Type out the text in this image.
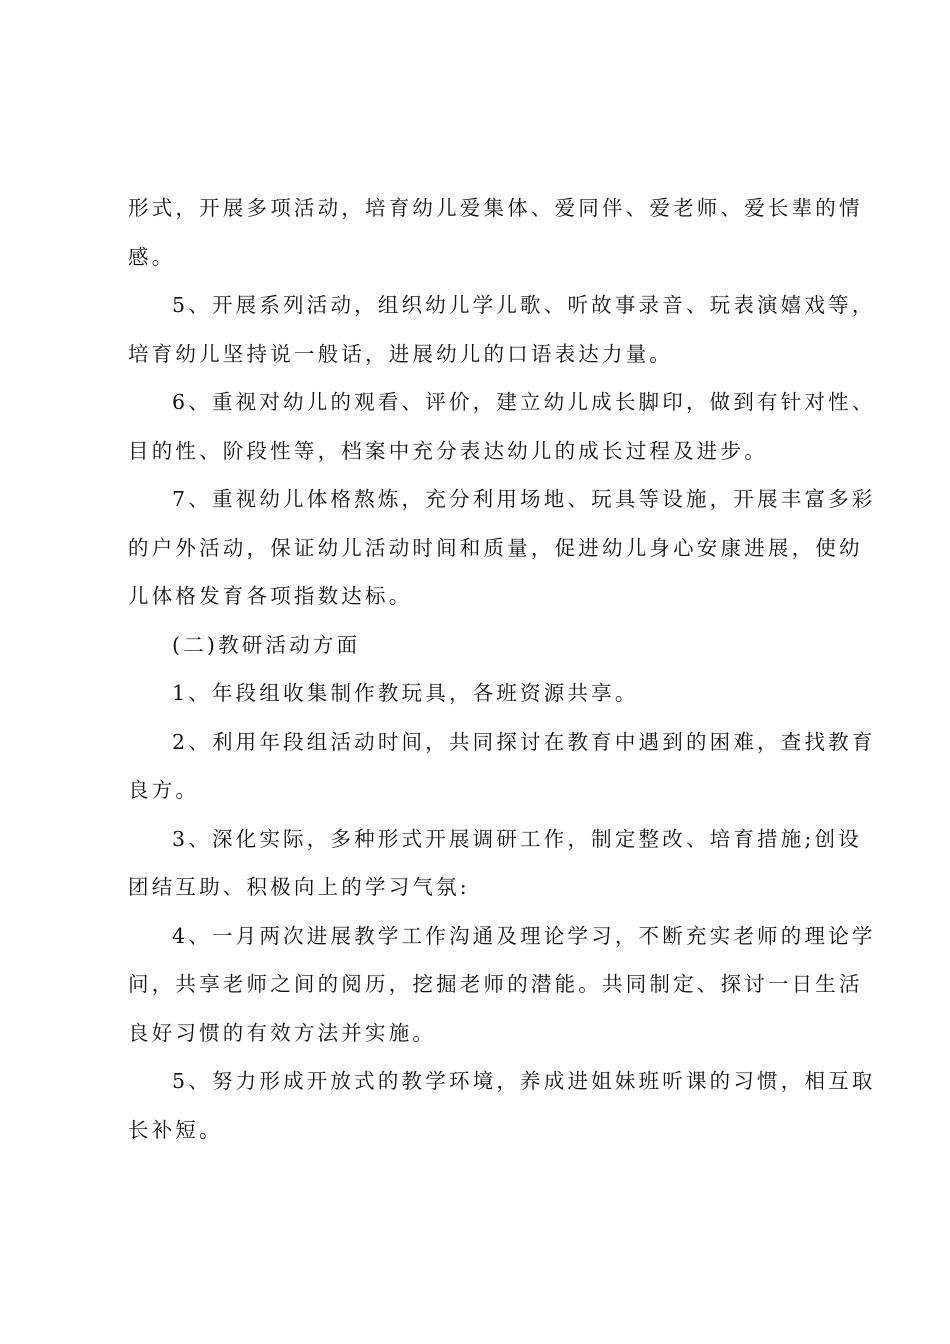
形式，开展多项活动，培育幼儿爱集体、爱同伴、爱老师、爱长辈的情
感。
5、开展系列活动，组织幼儿学儿歌、听故事录音、玩表演嬉戏等，
培育幼儿坚持说一般话，进展幼儿的口语表达力量。
6、重视对幼儿的观看、评价，建立幼儿成长脚印，做到有针对性、
目的性、阶段性等，档案中充分表达幼儿的成长过程及进步。
7、重视幼儿体格熬炼，充分利用场地、玩具等设施，开展丰富多彩
的户外活动，保证幼儿活动时间和质量，促进幼儿身心安康进展，使幼
儿体格发育各项指数达标。
(二)教研活动方面
1、年段组收集制作教玩具，各班资源共享。
2、利用年段组活动时间，共同探讨在教育中遇到的困难，查找教育
良方。
3、深化实际，多种形式开展调研工作，制定整改、培育措施;创设
团结互助、积极向上的学习气氛:
4、一月两次进展教学工作沟通及理论学习，不断充实老师的理论学
问，共享老师之间的阅历，挖掘老师的潜能。共同制定、探讨一日生活
良好习惯的有效方法并实施。
5、努力形成开放式的教学环境，养成进姐妹班听课的习惯，相互取
长补短。
